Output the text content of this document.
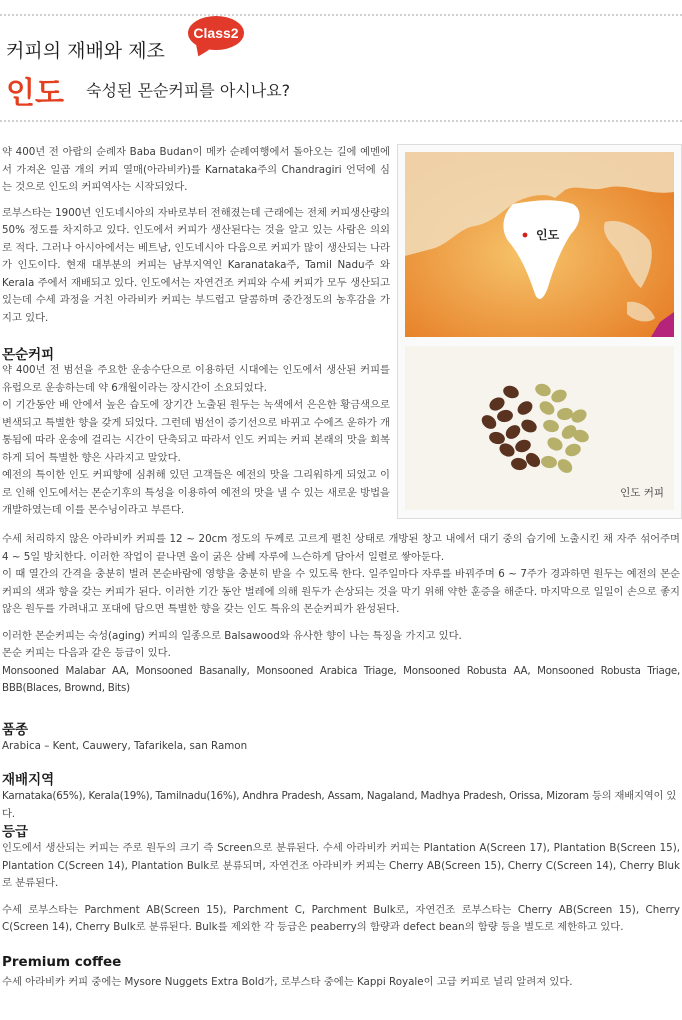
Class2
커피의 재배와 제조
인도 숙성된 몬순커피를 아시나요?

약 400년 전 아랍의 순례자 Baba Budan이 메카 순례여행에서 돌아오는 길에 예멘에서 가져온 일곱 개의 커피 열매(아라비카)를 Karnataka주의 Chandragiri 언덕에 심는 것으로 인도의 커피역사는 시작되었다.

로부스타는 1900년 인도네시아의 자바로부터 전해졌는데 근래에는 전체 커피생산량의 50% 정도를 차지하고 있다. 인도에서 커피가 생산된다는 것을 알고 있는 사람은 의외로 적다. 그러나 아시아에서는 베트남, 인도네시아 다음으로 커피가 많이 생산되는 나라가 인도이다. 현재 대부분의 커피는 남부지역인 Karanataka주, Tamil Nadu주 와 Kerala 주에서 재배되고 있다. 인도에서는 자연건조 커피와 수세 커피가 모두 생산되고 있는데 수세 과정을 거친 아라비카 커피는 부드럽고 달콤하며 중간정도의 농후감을 가지고 있다.

몬순커피

약 400년 전 범선을 주요한 운송수단으로 이용하던 시대에는 인도에서 생산된 커피를 유럽으로 운송하는데 약 6개월이라는 장시간이 소요되었다.

이 기간동안 배 안에서 높은 습도에 장기간 노출된 원두는 녹색에서 은은한 황금색으로 변색되고 특별한 향을 갖게 되었다. 그런데 범선이 증기선으로 바뀌고 수에즈 운하가 개통됨에 따라 운송에 걸리는 시간이 단축되고 따라서 인도 커피는 커피 본래의 맛을 회복하게 되어 특별한 향은 사라지고 말았다.

예전의 특이한 인도 커피향에 심취해 있던 고객들은 예전의 맛을 그리워하게 되었고 이로 인해 인도에서는 몬순기후의 특성을 이용하여 예전의 맛을 낼 수 있는 새로운 방법을 개발하였는데 이를 몬수닝이라고 부른다.

인도
인도 커피

수세 처리하지 않은 아라비카 커피를 12 ~ 20cm 정도의 두께로 고르게 펼친 상태로 개방된 창고 내에서 대기 중의 습기에 노출시킨 채 자주 섞어주며 4 ~ 5일 방치한다. 이러한 작업이 끝나면 올이 굵은 삼베 자루에 느슨하게 담아서 일렬로 쌓아둔다.

이 때 열간의 간격을 충분히 벌려 몬순바람에 영향을 충분히 받을 수 있도록 한다. 일주일마다 자루를 바꿔주며 6 ~ 7주가 경과하면 원두는 예전의 몬순커피의 색과 향을 갖는 커피가 된다. 이러한 기간 동안 벌레에 의해 원두가 손상되는 것을 막기 위해 약한 훈증을 해준다. 마지막으로 일일이 손으로 좋지 않은 원두를 가려내고 포대에 담으면 특별한 향을 갖는 인도 특유의 몬순커피가 완성된다.

이러한 몬순커피는 숙성(aging) 커피의 일종으로 Balsawood와 유사한 향이 나는 특징을 가지고 있다.

몬순 커피는 다음과 같은 등급이 있다.

Monsooned Malabar AA, Monsooned Basanally, Monsooned Arabica Triage, Monsooned Robusta AA, Monsooned Robusta Triage, BBB(Blaces, Brownd, Bits)

품종
Arabica – Kent, Cauwery, Tafarikela, san Ramon
재배지역
Karnataka(65%), Kerala(19%), Tamilnadu(16%), Andhra Pradesh, Assam, Nagaland, Madhya Pradesh, Orissa, Mizoram 등의 재배지역이 있다.
등급

인도에서 생산되는 커피는 주로 원두의 크기 즉 Screen으로 분류된다. 수세 아라비카 커피는 Plantation A(Screen 17), Plantation B(Screen 15), Plantation C(Screen 14), Plantation Bulk로 분류되며, 자연건조 아라비카 커피는 Cherry AB(Screen 15), Cherry C(Screen 14), Cherry Bluk로 분류된다.

수세 로부스타는 Parchment AB(Screen 15), Parchment C, Parchment Bulk로, 자연건조 로부스타는 Cherry AB(Screen 15), Cherry C(Screen 14), Cherry Bulk로 분류된다. Bulk를 제외한 각 등급은 peaberry의 함량과 defect bean의 함량 등을 별도로 제한하고 있다.

Premium coffee
수세 아라비카 커피 중에는 Mysore Nuggets Extra Bold가, 로부스타 중에는 Kappi Royale이 고급 커피로 널리 알려져 있다.
